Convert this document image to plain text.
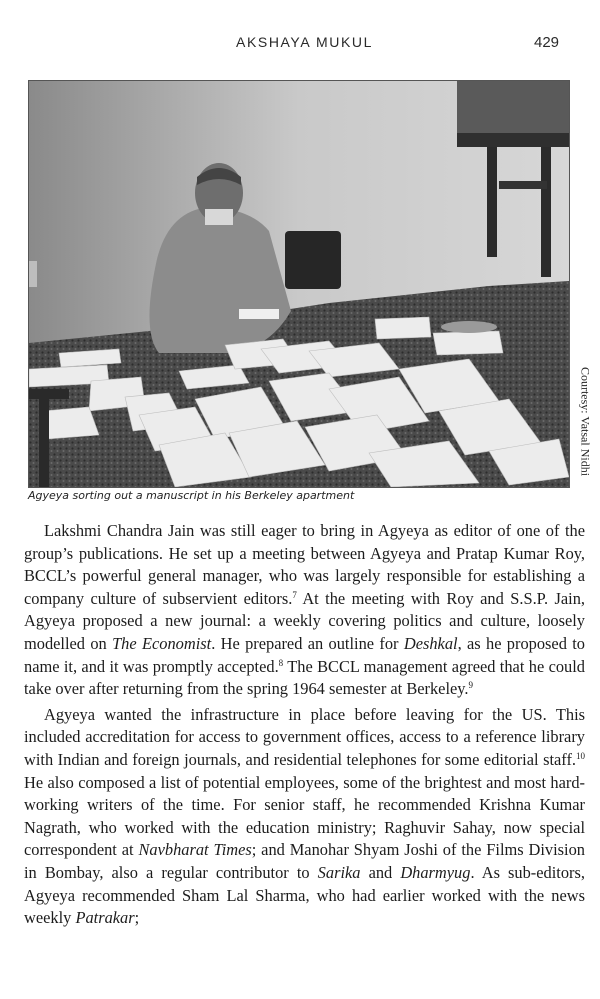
AKSHAYA MUKUL	429
Courtesy: Vatsal Nidhi
Agyeya sorting out a manuscript in his Berkeley apartment

Lakshmi Chandra Jain was still eager to bring in Agyeya as editor of one of the group’s publications. He set up a meeting between Agyeya and Pratap Kumar Roy, BCCL’s powerful general manager, who was largely responsible for establishing a company culture of subservient editors.$^7$ At the meeting with Roy and S.S.P. Jain, Agyeya proposed a new journal: a weekly covering politics and culture, loosely modelled on The Economist. He prepared an outline for Deshkal, as he proposed to name it, and it was promptly accepted.$^8$ The BCCL management agreed that he could take over after returning from the spring 1964 semester at Berkeley.$^9$

Agyeya wanted the infrastructure in place before leaving for the US. This included accreditation for access to government offices, access to a reference library with Indian and foreign journals, and residential telephones for some editorial staff.$^{10}$ He also composed a list of potential employees, some of the brightest and most hard-working writers of the time. For senior staff, he recommended Krishna Kumar Nagrath, who worked with the education ministry; Raghuvir Sahay, now special correspondent at Navbharat Times; and Manohar Shyam Joshi of the Films Division in Bombay, also a regular contributor to Sarika and Dharmyug. As sub-editors, Agyeya recommended Sham Lal Sharma, who had earlier worked with the news weekly Patrakar;
